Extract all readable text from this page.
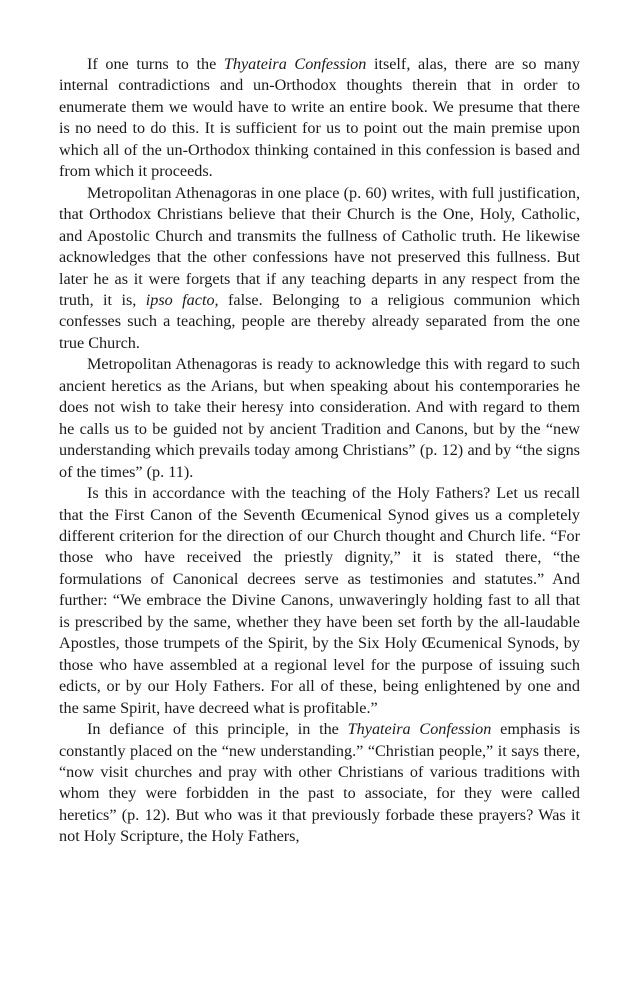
If one turns to the Thyateira Confession itself, alas, there are so many internal contradictions and un-Orthodox thoughts therein that in order to enumerate them we would have to write an entire book. We presume that there is no need to do this. It is sufficient for us to point out the main premise upon which all of the un-Orthodox thinking contained in this confession is based and from which it proceeds.

Metropolitan Athenagoras in one place (p. 60) writes, with full justification, that Orthodox Christians believe that their Church is the One, Holy, Catholic, and Apostolic Church and transmits the fullness of Catholic truth. He likewise acknowledges that the other confessions have not preserved this fullness. But later he as it were forgets that if any teaching departs in any respect from the truth, it is, ipso facto, false. Belonging to a religious communion which confesses such a teaching, people are thereby already separated from the one true Church.

Metropolitan Athenagoras is ready to acknowledge this with regard to such ancient heretics as the Arians, but when speaking about his contemporaries he does not wish to take their heresy into consideration. And with regard to them he calls us to be guided not by ancient Tradition and Canons, but by the “new understanding which prevails today among Christians” (p. 12) and by “the signs of the times” (p. 11).

Is this in accordance with the teaching of the Holy Fathers? Let us recall that the First Canon of the Seventh Œcumenical Synod gives us a completely different criterion for the direction of our Church thought and Church life. “For those who have received the priestly dignity,” it is stated there, “the formulations of Canonical decrees serve as testimonies and statutes.” And further: “We embrace the Divine Canons, unwaveringly holding fast to all that is prescribed by the same, whether they have been set forth by the all-laudable Apostles, those trumpets of the Spirit, by the Six Holy Œcumenical Synods, by those who have assembled at a regional level for the purpose of issuing such edicts, or by our Holy Fathers. For all of these, being enlightened by one and the same Spirit, have decreed what is profitable.”

In defiance of this principle, in the Thyateira Confession emphasis is constantly placed on the “new understanding.” “Christian people,” it says there, “now visit churches and pray with other Christians of various traditions with whom they were forbidden in the past to associate, for they were called heretics” (p. 12). But who was it that previously forbade these prayers? Was it not Holy Scripture, the Holy Fathers,
